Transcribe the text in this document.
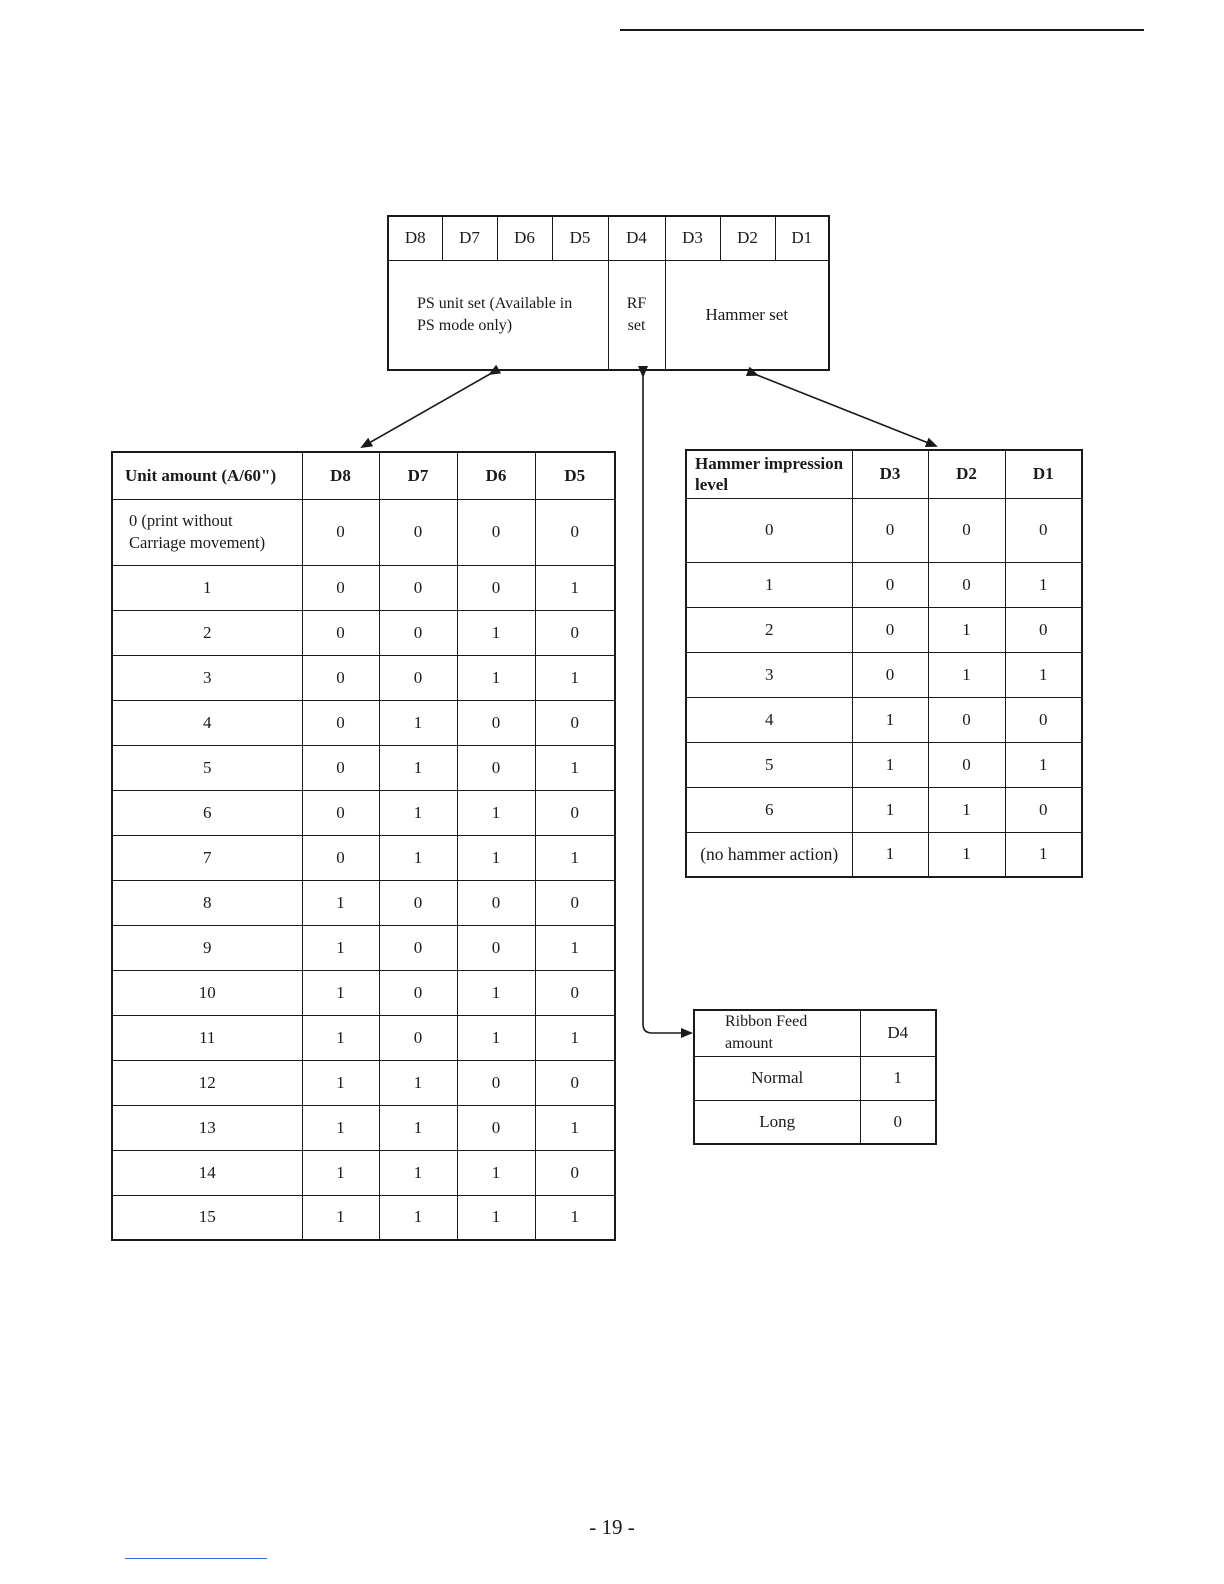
D8	D7	D6	D5	D4	D3	D2	D1
PS unit set (Available in PS mode only)				RF set	Hammer set		
Unit amount (A/60")	D8	D7	D6	D5
0 (print without Carriage movement)	0	0	0	0
1	0	0	0	1
2	0	0	1	0
3	0	0	1	1
4	0	1	0	0
5	0	1	0	1
6	0	1	1	0
7	0	1	1	1
8	1	0	0	0
9	1	0	0	1
10	1	0	1	0
11	1	0	1	1
12	1	1	0	0
13	1	1	0	1
14	1	1	1	0
15	1	1	1	1
Hammer impression level	D3	D2	D1
0	0	0	0
1	0	0	1
2	0	1	0
3	0	1	1
4	1	0	0
5	1	0	1
6	1	1	0
(no hammer action)	1	1	1
Ribbon Feed amount	D4
Normal	1
Long	0
- 19 -
